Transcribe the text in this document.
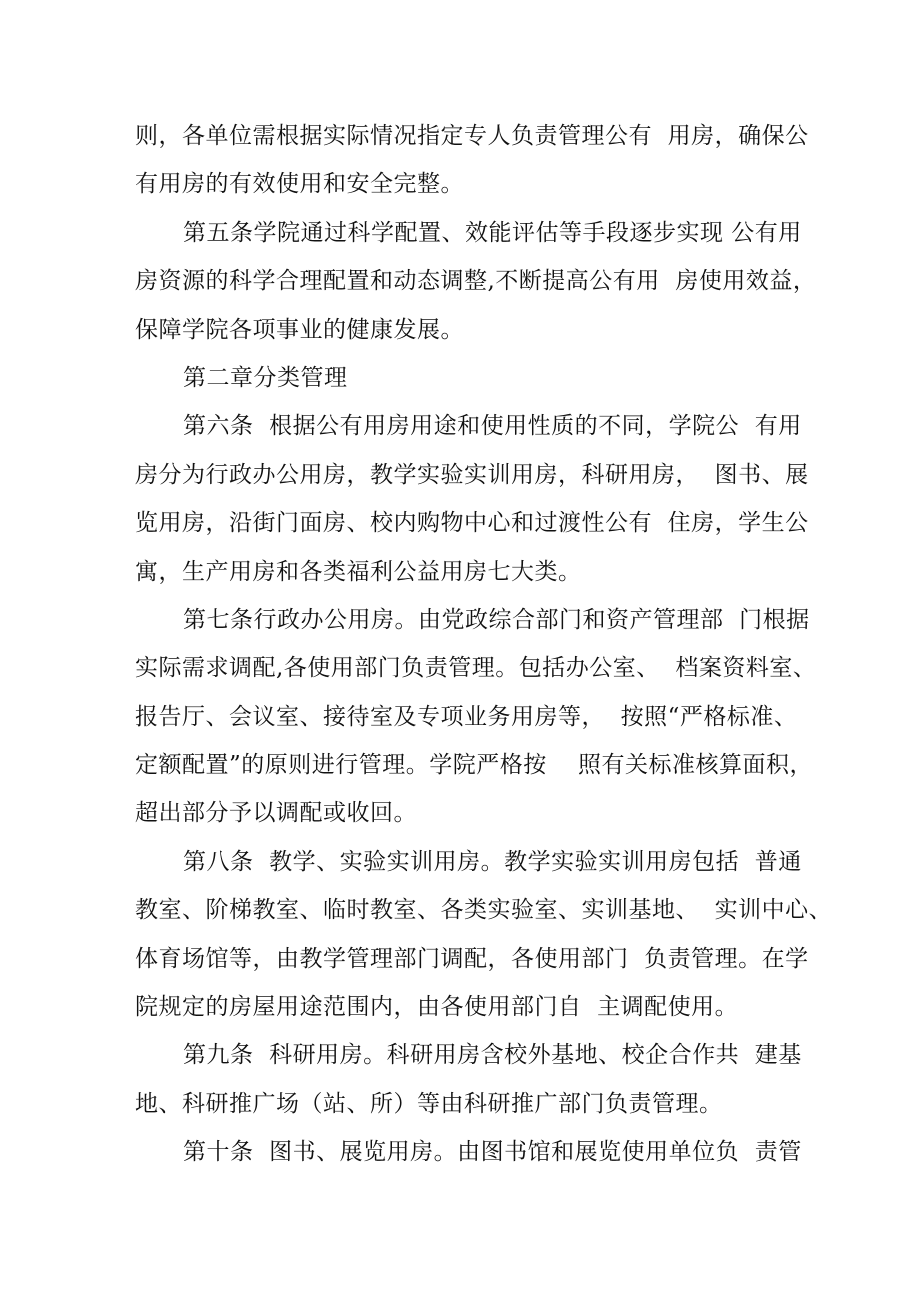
则，各单位需根据实际情况指定专人负责管理公有  用房，确保公

有用房的有效使用和安全完整。

第五条学院通过科学配置、效能评估等手段逐步实现 公有用

房资源的科学合理配置和动态调整,不断提高公有用  房使用效益，

保障学院各项事业的健康发展。

第二章分类管理

第六条  根据公有用房用途和使用性质的不同，学院公  有用

房分为行政办公用房，教学实验实训用房，科研用房，  图书、展

览用房，沿街门面房、校内购物中心和过渡性公有  住房，学生公

寓，生产用房和各类福利公益用房七大类。

第七条行政办公用房。由党政综合部门和资产管理部  门根据

实际需求调配,各使用部门负责管理。包括办公室、  档案资料室、

报告厅、会议室、接待室及专项业务用房等，  按照“严格标准、

定额配置”的原则进行管理。学院严格按    照有关标准核算面积，

超出部分予以调配或收回。

第八条  教学、实验实训用房。教学实验实训用房包括  普通

教室、阶梯教室、临时教室、各类实验室、实训基地、  实训中心、

体育场馆等，由教学管理部门调配，各使用部门  负责管理。在学

院规定的房屋用途范围内，由各使用部门自  主调配使用。

第九条  科研用房。科研用房含校外基地、校企合作共  建基

地、科研推广场（站、所）等由科研推广部门负责管理。

第十条  图书、展览用房。由图书馆和展览使用单位负  责管
